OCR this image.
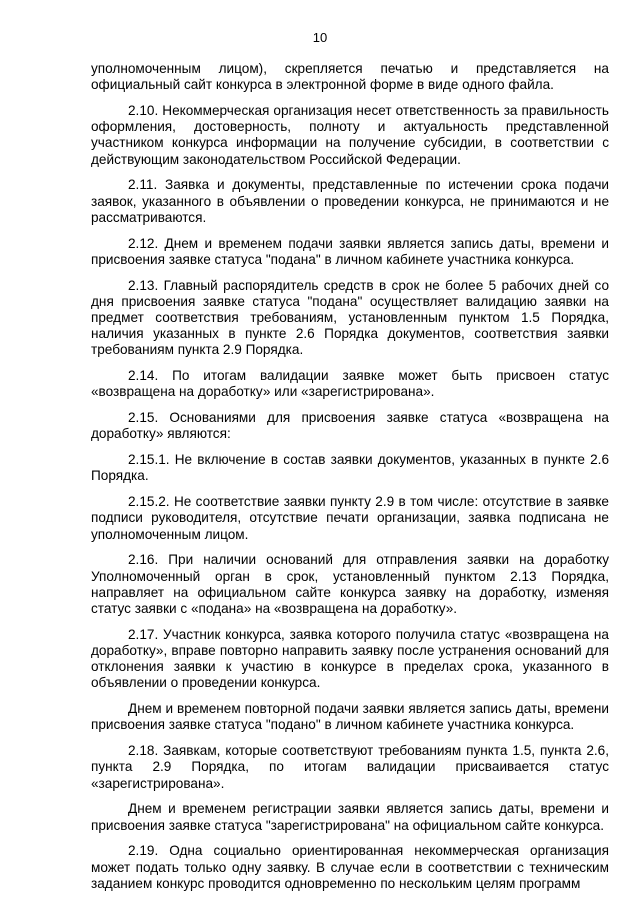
10

уполномоченным лицом), скрепляется печатью и представляется на официальный сайт конкурса в электронной форме в виде одного файла.

2.10. Некоммерческая организация несет ответственность за правильность оформления, достоверность, полноту и актуальность представленной участником конкурса информации на получение субсидии, в соответствии с действующим законодательством Российской Федерации.

2.11. Заявка и документы, представленные по истечении срока подачи заявок, указанного в объявлении о проведении конкурса, не принимаются и не рассматриваются.

2.12. Днем и временем подачи заявки является запись даты, времени и присвоения заявке статуса "подана" в личном кабинете участника конкурса.

2.13. Главный распорядитель средств в срок не более 5 рабочих дней со дня присвоения заявке статуса "подана" осуществляет валидацию заявки на предмет соответствия требованиям, установленным пунктом 1.5 Порядка, наличия указанных в пункте 2.6 Порядка документов, соответствия заявки требованиям пункта 2.9 Порядка.

2.14. По итогам валидации заявке может быть присвоен статус «возвращена на доработку» или «зарегистрирована».

2.15. Основаниями для присвоения заявке статуса «возвращена на доработку» являются:

2.15.1. Не включение в состав заявки документов, указанных в пункте 2.6 Порядка.

2.15.2. Не соответствие заявки пункту 2.9 в том числе: отсутствие в заявке подписи руководителя, отсутствие печати организации, заявка подписана не уполномоченным лицом.

2.16. При наличии оснований для отправления заявки на доработку Уполномоченный орган в срок, установленный пунктом 2.13 Порядка, направляет на официальном сайте конкурса заявку на доработку, изменяя статус заявки с «подана» на «возвращена на доработку».

2.17. Участник конкурса, заявка которого получила статус «возвращена на доработку», вправе повторно направить заявку после устранения оснований для отклонения заявки к участию в конкурсе в пределах срока, указанного в объявлении о проведении конкурса.

Днем и временем повторной подачи заявки является запись даты, времени присвоения заявке статуса "подано" в личном кабинете участника конкурса.

2.18. Заявкам, которые соответствуют требованиям пункта 1.5, пункта 2.6, пункта 2.9 Порядка, по итогам валидации присваивается статус «зарегистрирована».

Днем и временем регистрации заявки является запись даты, времени и присвоения заявке статуса "зарегистрирована" на официальном сайте конкурса.

2.19. Одна социально ориентированная некоммерческая организация может подать только одну заявку. В случае если в соответствии с техническим заданием конкурс проводится одновременно по нескольким целям программ
